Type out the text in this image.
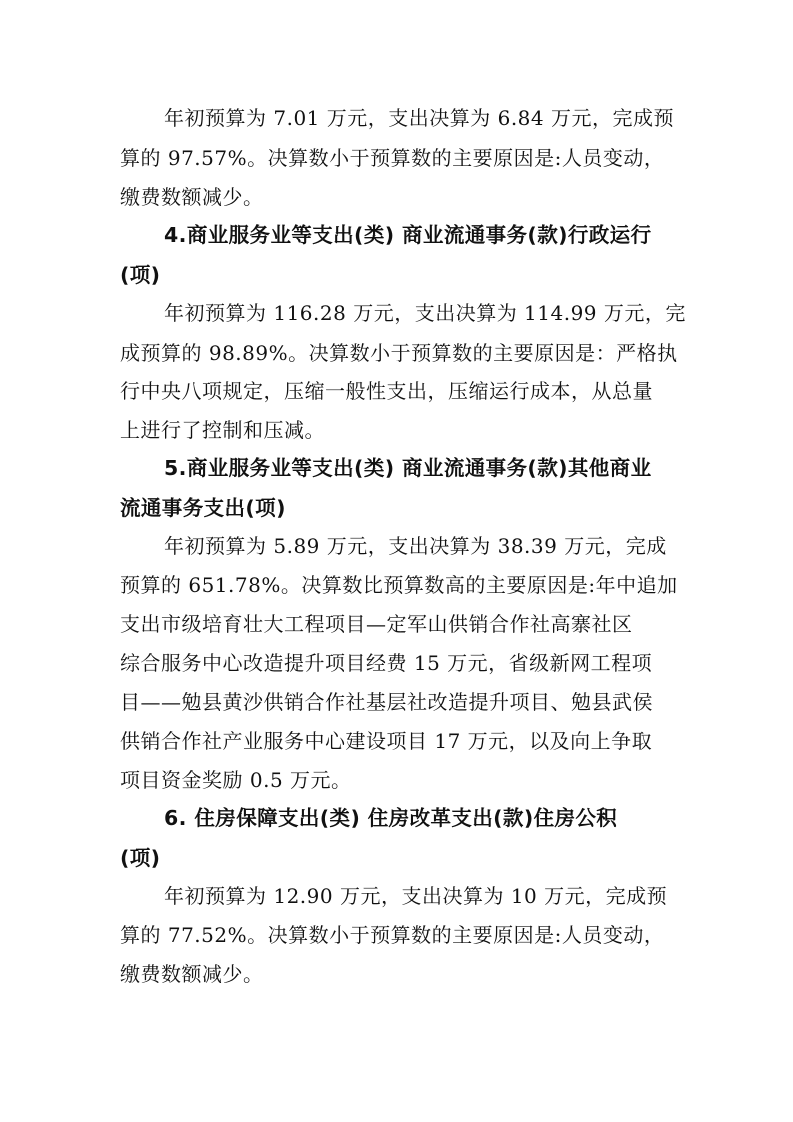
年初预算为 7.01 万元，支出决算为 6.84 万元，完成预
算的 97.57%。决算数小于预算数的主要原因是:人员变动，
缴费数额减少。
4.商业服务业等支出(类) 商业流通事务(款)行政运行
(项)
年初预算为 116.28 万元，支出决算为 114.99 万元，完
成预算的 98.89%。决算数小于预算数的主要原因是：严格执
行中央八项规定，压缩一般性支出，压缩运行成本，从总量
上进行了控制和压减。
5.商业服务业等支出(类) 商业流通事务(款)其他商业
流通事务支出(项)
年初预算为 5.89 万元，支出决算为 38.39 万元，完成
预算的 651.78%。决算数比预算数高的主要原因是:年中追加
支出市级培育壮大工程项目—定军山供销合作社高寨社区
综合服务中心改造提升项目经费 15 万元，省级新网工程项
目——勉县黄沙供销合作社基层社改造提升项目、勉县武侯
供销合作社产业服务中心建设项目 17 万元，以及向上争取
项目资金奖励 0.5 万元。
6. 住房保障支出(类) 住房改革支出(款)住房公积
(项)
年初预算为 12.90 万元，支出决算为 10 万元，完成预
算的 77.52%。决算数小于预算数的主要原因是:人员变动，
缴费数额减少。
